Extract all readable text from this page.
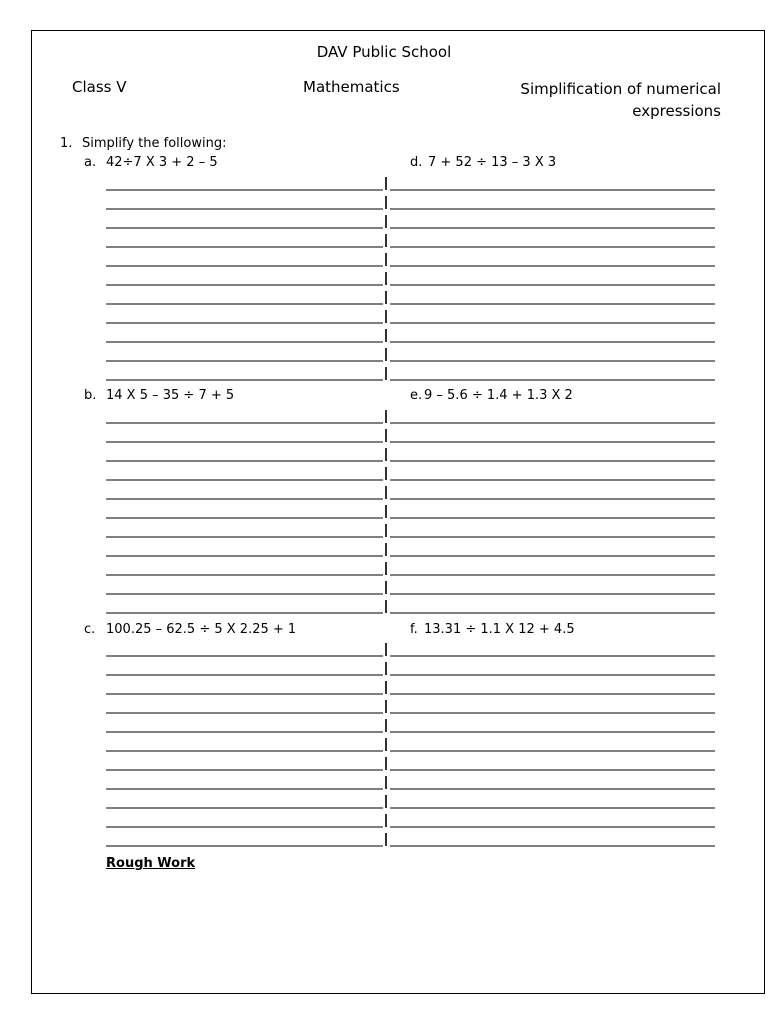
DAV Public School
Class V	Mathematics	Simplification of numerical
expressions
1. Simplify the following:
a. 42÷7 X 3 + 2 – 5
b. 14 X 5 – 35 ÷ 7 + 5
c. 100.25 – 62.5 ÷ 5 X 2.25 + 1
d. 7 + 52 ÷ 13 – 3 X 3
e. 9 – 5.6 ÷ 1.4 + 1.3 X 2
f. 13.31 ÷ 1.1 X 12 + 4.5
Rough Work
